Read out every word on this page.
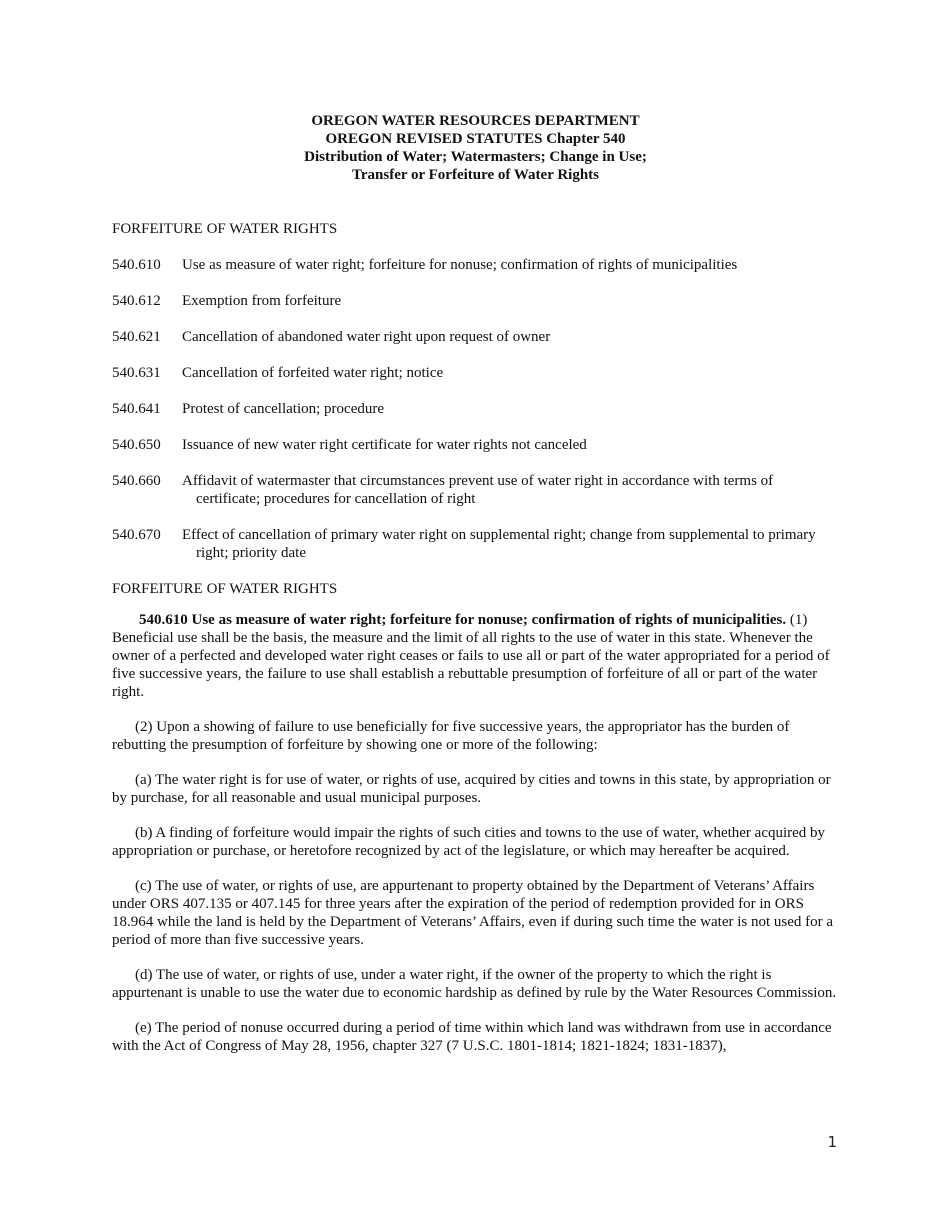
OREGON WATER RESOURCES DEPARTMENT
OREGON REVISED STATUTES Chapter 540
Distribution of Water; Watermasters; Change in Use;
Transfer or Forfeiture of Water Rights
FORFEITURE OF WATER RIGHTS
540.610	Use as measure of water right; forfeiture for nonuse; confirmation of rights of municipalities
540.612	Exemption from forfeiture
540.621	Cancellation of abandoned water right upon request of owner
540.631	Cancellation of forfeited water right; notice
540.641	Protest of cancellation; procedure
540.650	Issuance of new water right certificate for water rights not canceled
540.660	Affidavit of watermaster that circumstances prevent use of water right in accordance with terms of certificate; procedures for cancellation of right
540.670	Effect of cancellation of primary water right on supplemental right; change from supplemental to primary right; priority date
FORFEITURE OF WATER RIGHTS
540.610 Use as measure of water right; forfeiture for nonuse; confirmation of rights of municipalities. (1) Beneficial use shall be the basis, the measure and the limit of all rights to the use of water in this state. Whenever the owner of a perfected and developed water right ceases or fails to use all or part of the water appropriated for a period of five successive years, the failure to use shall establish a rebuttable presumption of forfeiture of all or part of the water right.
(2) Upon a showing of failure to use beneficially for five successive years, the appropriator has the burden of rebutting the presumption of forfeiture by showing one or more of the following:
(a) The water right is for use of water, or rights of use, acquired by cities and towns in this state, by appropriation or by purchase, for all reasonable and usual municipal purposes.
(b) A finding of forfeiture would impair the rights of such cities and towns to the use of water, whether acquired by appropriation or purchase, or heretofore recognized by act of the legislature, or which may hereafter be acquired.
(c) The use of water, or rights of use, are appurtenant to property obtained by the Department of Veterans’ Affairs under ORS 407.135 or 407.145 for three years after the expiration of the period of redemption provided for in ORS 18.964 while the land is held by the Department of Veterans’ Affairs, even if during such time the water is not used for a period of more than five successive years.
(d) The use of water, or rights of use, under a water right, if the owner of the property to which the right is appurtenant is unable to use the water due to economic hardship as defined by rule by the Water Resources Commission.
(e) The period of nonuse occurred during a period of time within which land was withdrawn from use in accordance with the Act of Congress of May 28, 1956, chapter 327 (7 U.S.C. 1801-1814; 1821-1824; 1831-1837),
1
